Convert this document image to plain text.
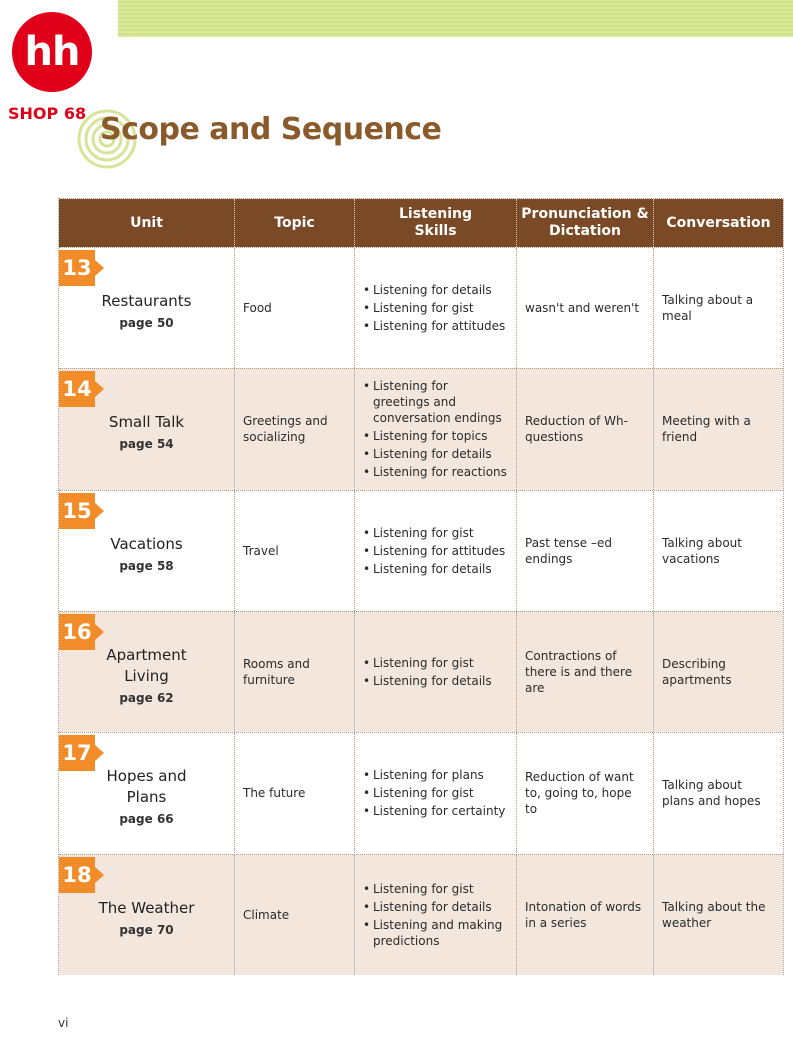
hh
SHOP 68 Scope and Sequence
Unit	Topic
Listening Skills
Pronunciation & Dictation
Conversation
13
Restaurants
page 50
Food
• Listening for details
• Listening for gist
• Listening for attitudes
wasn't and weren't
Talking about a meal
14
Small Talk
page 54
Greetings and socializing
• Listening for greetings and conversation endings
• Listening for topics
• Listening for details
• Listening for reactions
Reduction of Wh- questions
Meeting with a friend
15
Vacations
page 58
Travel
• Listening for gist
• Listening for attitudes
• Listening for details
Past tense –ed endings
Talking about vacations
16
Apartment Living
page 62
Rooms and furniture
• Listening for gist
• Listening for details
Contractions of there is and there are
Describing apartments
17
Hopes and Plans
page 66
The future
• Listening for plans
• Listening for gist
• Listening for certainty
Reduction of want to, going to, hope to
Talking about plans and hopes
18
The Weather
page 70
Climate
• Listening for gist
• Listening for details
• Listening and making predictions
Intonation of words in a series
Talking about the weather
vi
